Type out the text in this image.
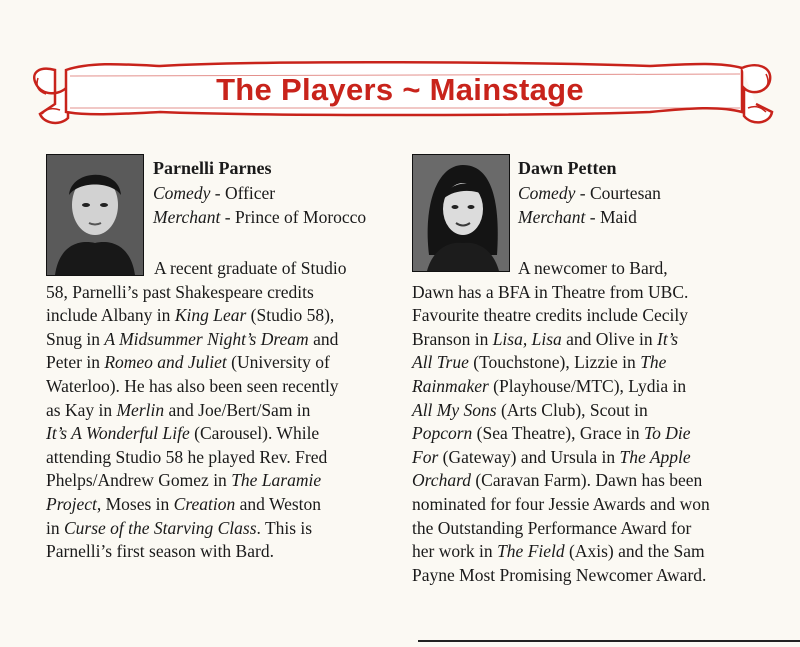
The Players ~ Mainstage
Parnelli Parnes
Comedy - Officer
Merchant - Prince of Morocco
A recent graduate of Studio
58, Parnelli’s past Shakespeare credits
include Albany in King Lear (Studio 58),
Snug in A Midsummer Night’s Dream and
Peter in Romeo and Juliet (University of
Waterloo). He has also been seen recently
as Kay in Merlin and Joe/Bert/Sam in
It’s A Wonderful Life (Carousel). While
attending Studio 58 he played Rev. Fred
Phelps/Andrew Gomez in The Laramie
Project, Moses in Creation and Weston
in Curse of the Starving Class. This is
Parnelli’s first season with Bard.
Dawn Petten
Comedy - Courtesan
Merchant - Maid
A newcomer to Bard,
Dawn has a BFA in Theatre from UBC.
Favourite theatre credits include Cecily
Branson in Lisa, Lisa and Olive in It’s
All True (Touchstone), Lizzie in The
Rainmaker (Playhouse/MTC), Lydia in
All My Sons (Arts Club), Scout in
Popcorn (Sea Theatre), Grace in To Die
For (Gateway) and Ursula in The Apple
Orchard (Caravan Farm). Dawn has been
nominated for four Jessie Awards and won
the Outstanding Performance Award for
her work in The Field (Axis) and the Sam
Payne Most Promising Newcomer Award.
